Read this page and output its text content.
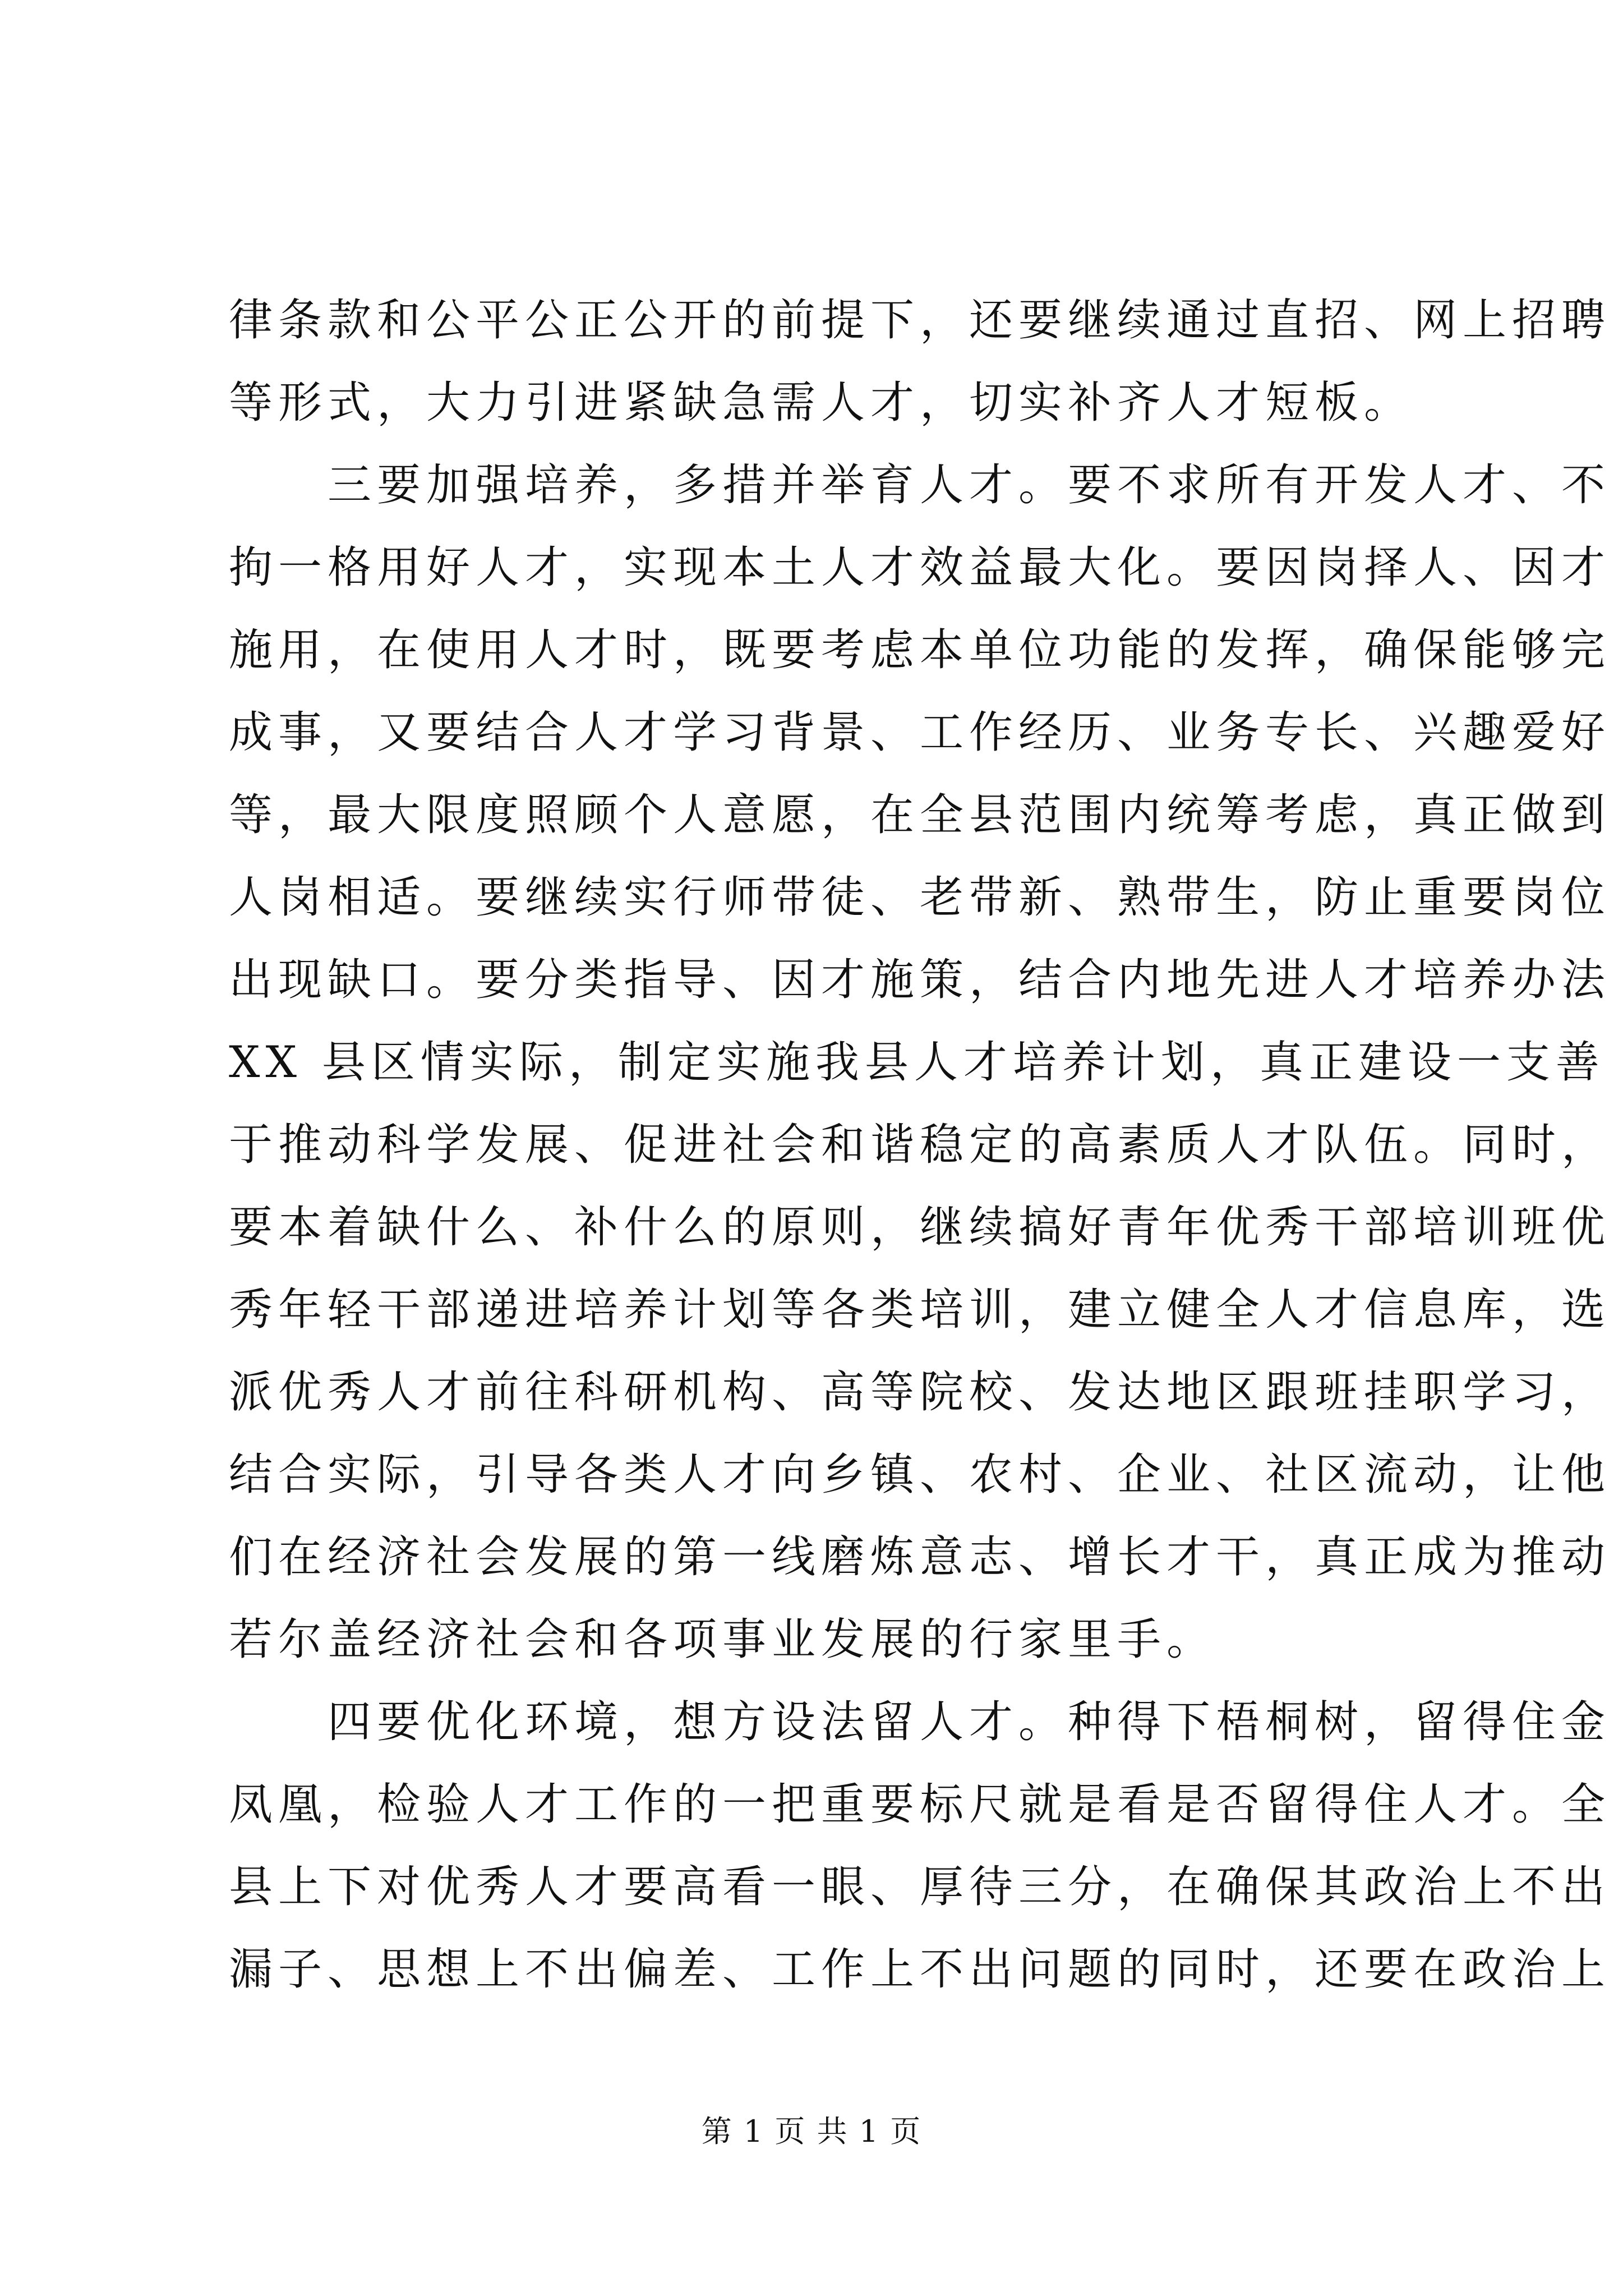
律条款和公平公正公开的前提下，还要继续通过直招、网上招聘
等形式，大力引进紧缺急需人才，切实补齐人才短板。
三要加强培养，多措并举育人才。要不求所有开发人才、不
拘一格用好人才，实现本土人才效益最大化。要因岗择人、因才
施用，在使用人才时，既要考虑本单位功能的发挥，确保能够完
成事，又要结合人才学习背景、工作经历、业务专长、兴趣爱好
等，最大限度照顾个人意愿，在全县范围内统筹考虑，真正做到
人岗相适。要继续实行师带徒、老带新、熟带生，防止重要岗位
出现缺口。要分类指导、因才施策，结合内地先进人才培养办法
XX 县区情实际，制定实施我县人才培养计划，真正建设一支善
于推动科学发展、促进社会和谐稳定的高素质人才队伍。同时，
要本着缺什么、补什么的原则，继续搞好青年优秀干部培训班优
秀年轻干部递进培养计划等各类培训，建立健全人才信息库，选
派优秀人才前往科研机构、高等院校、发达地区跟班挂职学习，
结合实际，引导各类人才向乡镇、农村、企业、社区流动，让他
们在经济社会发展的第一线磨炼意志、增长才干，真正成为推动
若尔盖经济社会和各项事业发展的行家里手。
四要优化环境，想方设法留人才。种得下梧桐树，留得住金
凤凰，检验人才工作的一把重要标尺就是看是否留得住人才。全
县上下对优秀人才要高看一眼、厚待三分，在确保其政治上不出
漏子、思想上不出偏差、工作上不出问题的同时，还要在政治上
第 1 页 共 1 页
